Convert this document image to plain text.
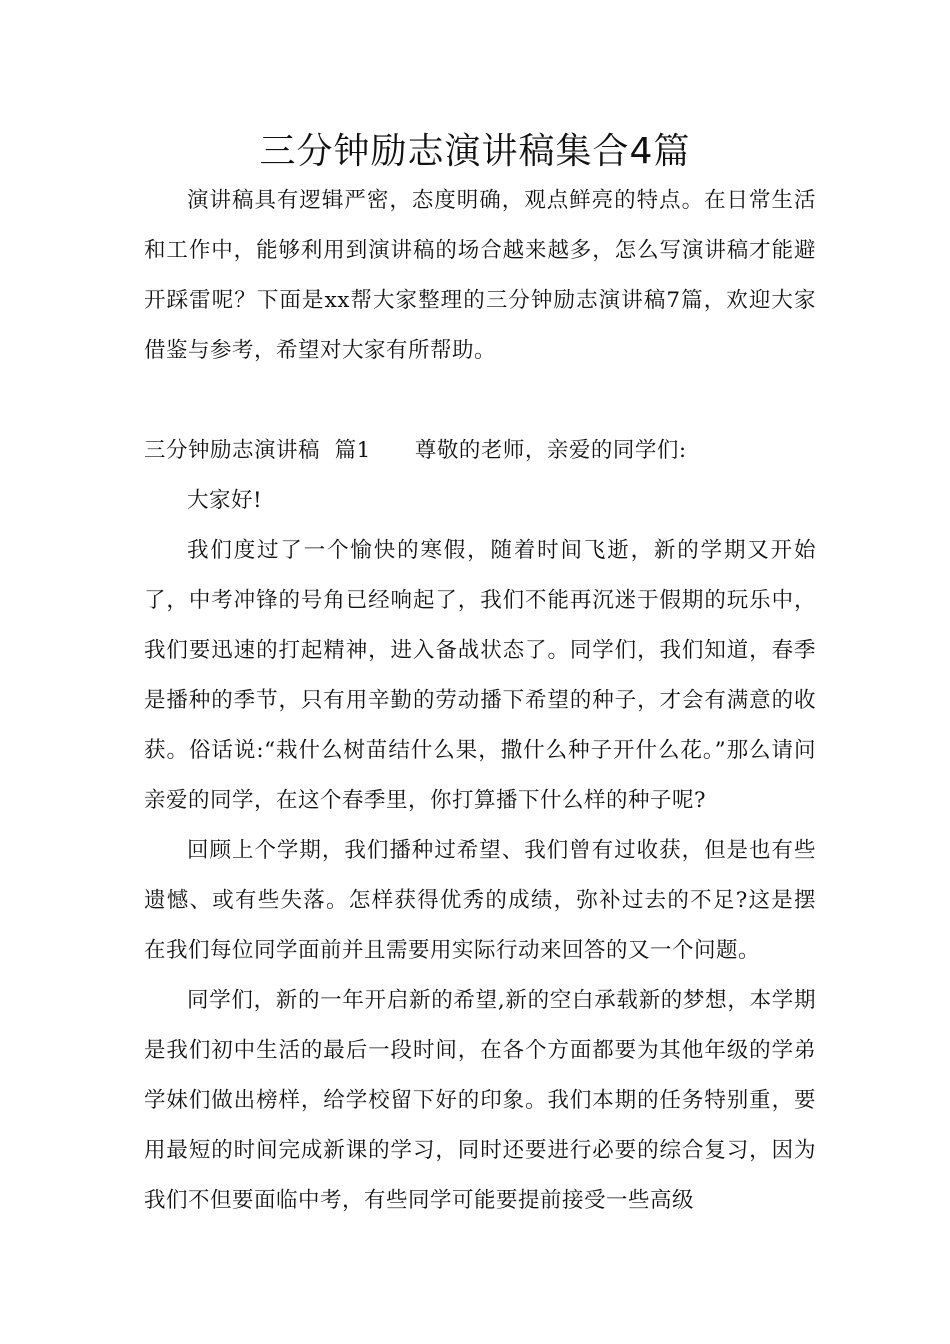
三分钟励志演讲稿集合4篇

演讲稿具有逻辑严密，态度明确，观点鲜亮的特点。在日常生活和工作中，能够利用到演讲稿的场合越来越多，怎么写演讲稿才能避开踩雷呢？下面是xx帮大家整理的三分钟励志演讲稿7篇，欢迎大家借鉴与参考，希望对大家有所帮助。

三分钟励志演讲稿  篇1 尊敬的老师，亲爱的同学们:

大家好!

我们度过了一个愉快的寒假，随着时间飞逝，新的学期又开始了，中考冲锋的号角已经响起了，我们不能再沉迷于假期的玩乐中，我们要迅速的打起精神，进入备战状态了。同学们，我们知道，春季是播种的季节，只有用辛勤的劳动播下希望的种子，才会有满意的收获。俗话说:“栽什么树苗结什么果，撒什么种子开什么花。”那么请问亲爱的同学，在这个春季里，你打算播下什么样的种子呢?

回顾上个学期，我们播种过希望、我们曾有过收获，但是也有些遗憾、或有些失落。怎样获得优秀的成绩，弥补过去的不足?这是摆在我们每位同学面前并且需要用实际行动来回答的又一个问题。

同学们，新的一年开启新的希望,新的空白承载新的梦想，本学期是我们初中生活的最后一段时间，在各个方面都要为其他年级的学弟学妹们做出榜样，给学校留下好的印象。我们本期的任务特别重，要用最短的时间完成新课的学习，同时还要进行必要的综合复习，因为我们不但要面临中考，有些同学可能要提前接受一些高级
